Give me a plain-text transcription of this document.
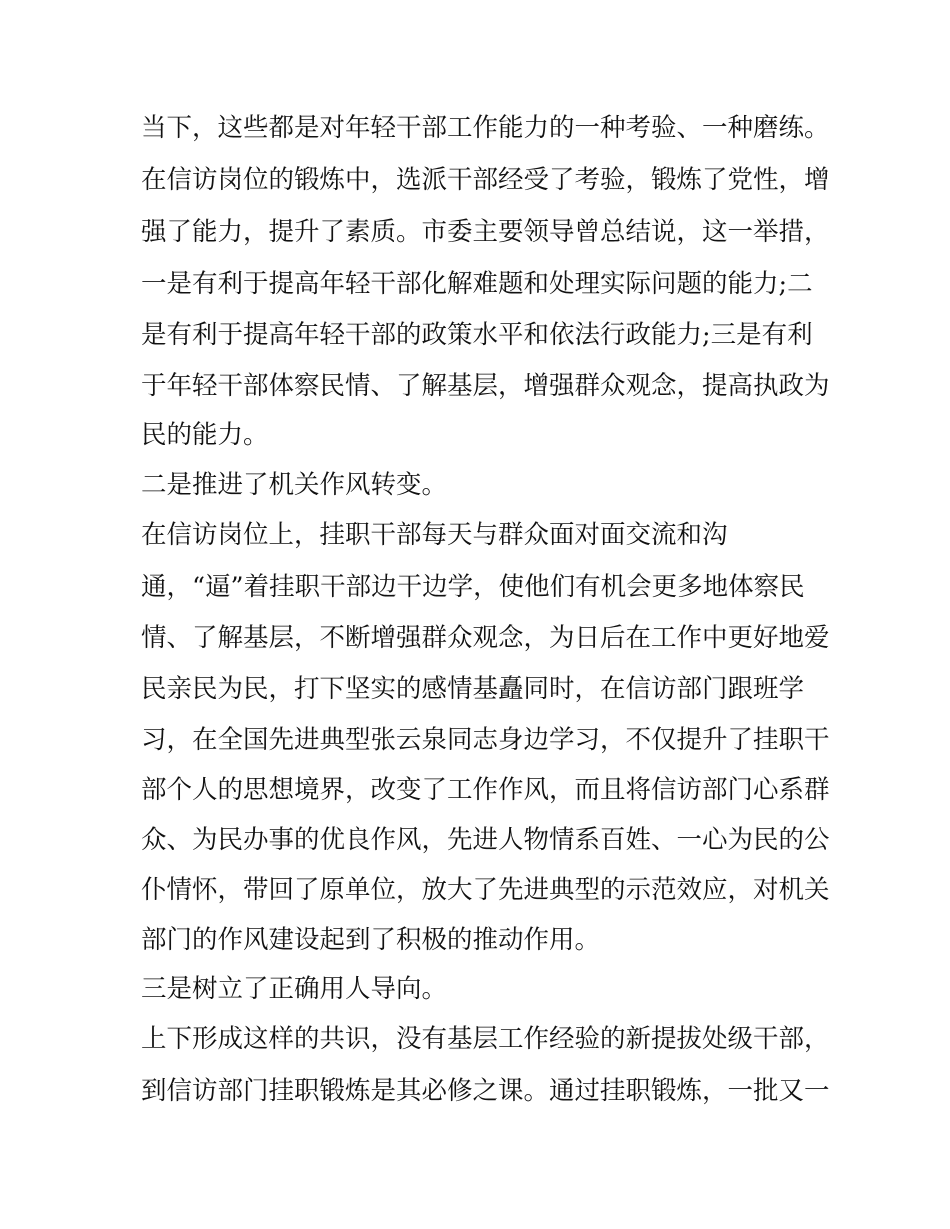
当下，这些都是对年轻干部工作能力的一种考验、一种磨练。
在信访岗位的锻炼中，选派干部经受了考验，锻炼了党性，增
强了能力，提升了素质。市委主要领导曾总结说，这一举措，
一是有利于提高年轻干部化解难题和处理实际问题的能力;二
是有利于提高年轻干部的政策水平和依法行政能力;三是有利
于年轻干部体察民情、了解基层，增强群众观念，提高执政为
民的能力。
二是推进了机关作风转变。
在信访岗位上，挂职干部每天与群众面对面交流和沟
通，“逼”着挂职干部边干边学，使他们有机会更多地体察民
情、了解基层，不断增强群众观念，为日后在工作中更好地爱
民亲民为民，打下坚实的感情基矗同时，在信访部门跟班学
习，在全国先进典型张云泉同志身边学习，不仅提升了挂职干
部个人的思想境界，改变了工作作风，而且将信访部门心系群
众、为民办事的优良作风，先进人物情系百姓、一心为民的公
仆情怀，带回了原单位，放大了先进典型的示范效应，对机关
部门的作风建设起到了积极的推动作用。
三是树立了正确用人导向。
上下形成这样的共识，没有基层工作经验的新提拔处级干部，
到信访部门挂职锻炼是其必修之课。通过挂职锻炼，一批又一
